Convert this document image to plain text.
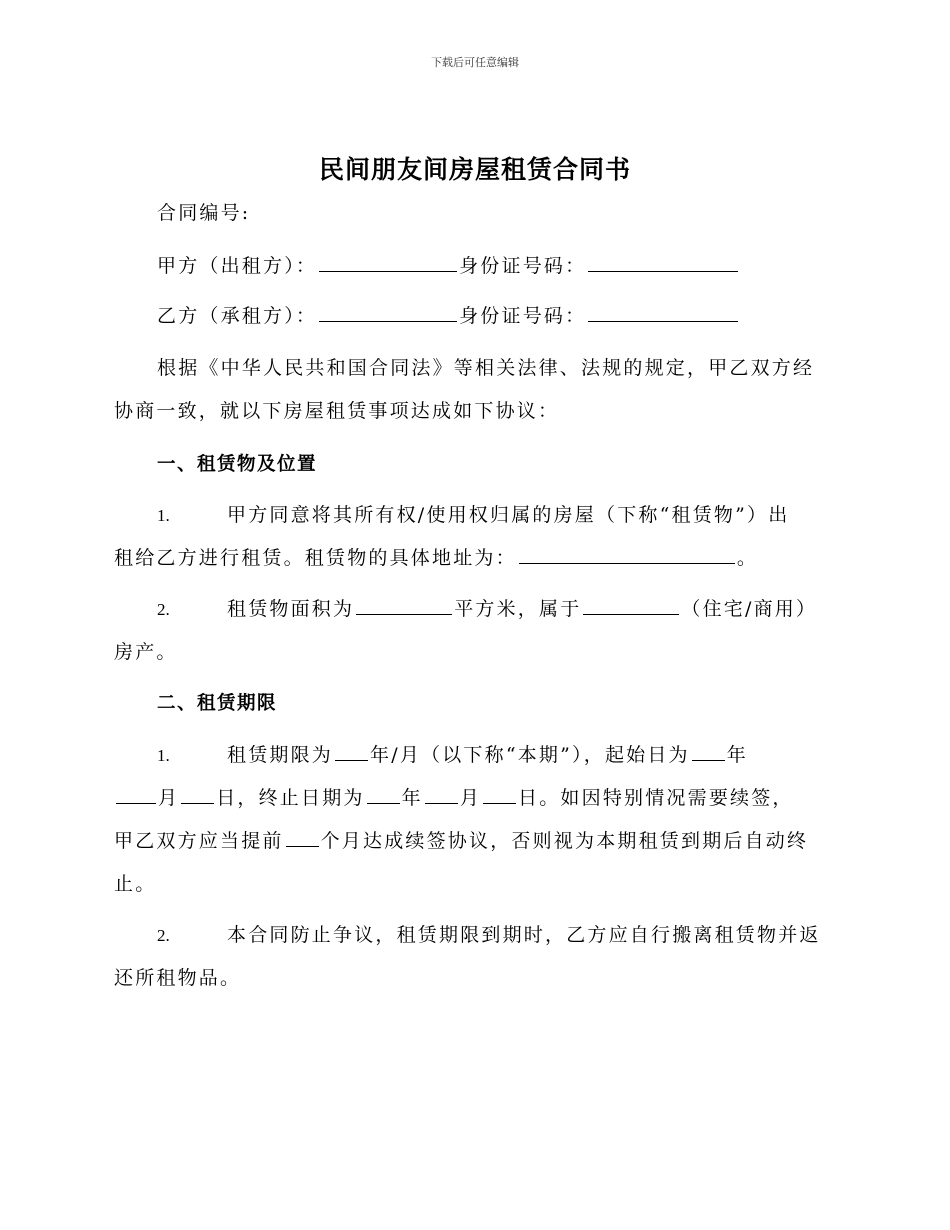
下载后可任意编辑
民间朋友间房屋租赁合同书
合同编号:
甲方（出租方）：	身份证号码：
乙方（承租方）：	身份证号码：
根据《中华人民共和国合同法》等相关法律、法规的规定，甲乙双方经
协商一致，就以下房屋租赁事项达成如下协议：
一、租赁物及位置
1.	甲方同意将其所有权/使用权归属的房屋（下称“租赁物”）出
租给乙方进行租赁。租赁物的具体地址为：	。
2.	租赁物面积为	平方米，属于	（住宅/商用）
房产。
二、租赁期限
1.	租赁期限为 年/月（以下称“本期”），起始日为 年
月 日，终止日期为 年 月 日。如因特别情况需要续签，
甲乙双方应当提前 个月达成续签协议，否则视为本期租赁到期后自动终
止。
2.	本合同防止争议，租赁期限到期时，乙方应自行搬离租赁物并返
还所租物品。
